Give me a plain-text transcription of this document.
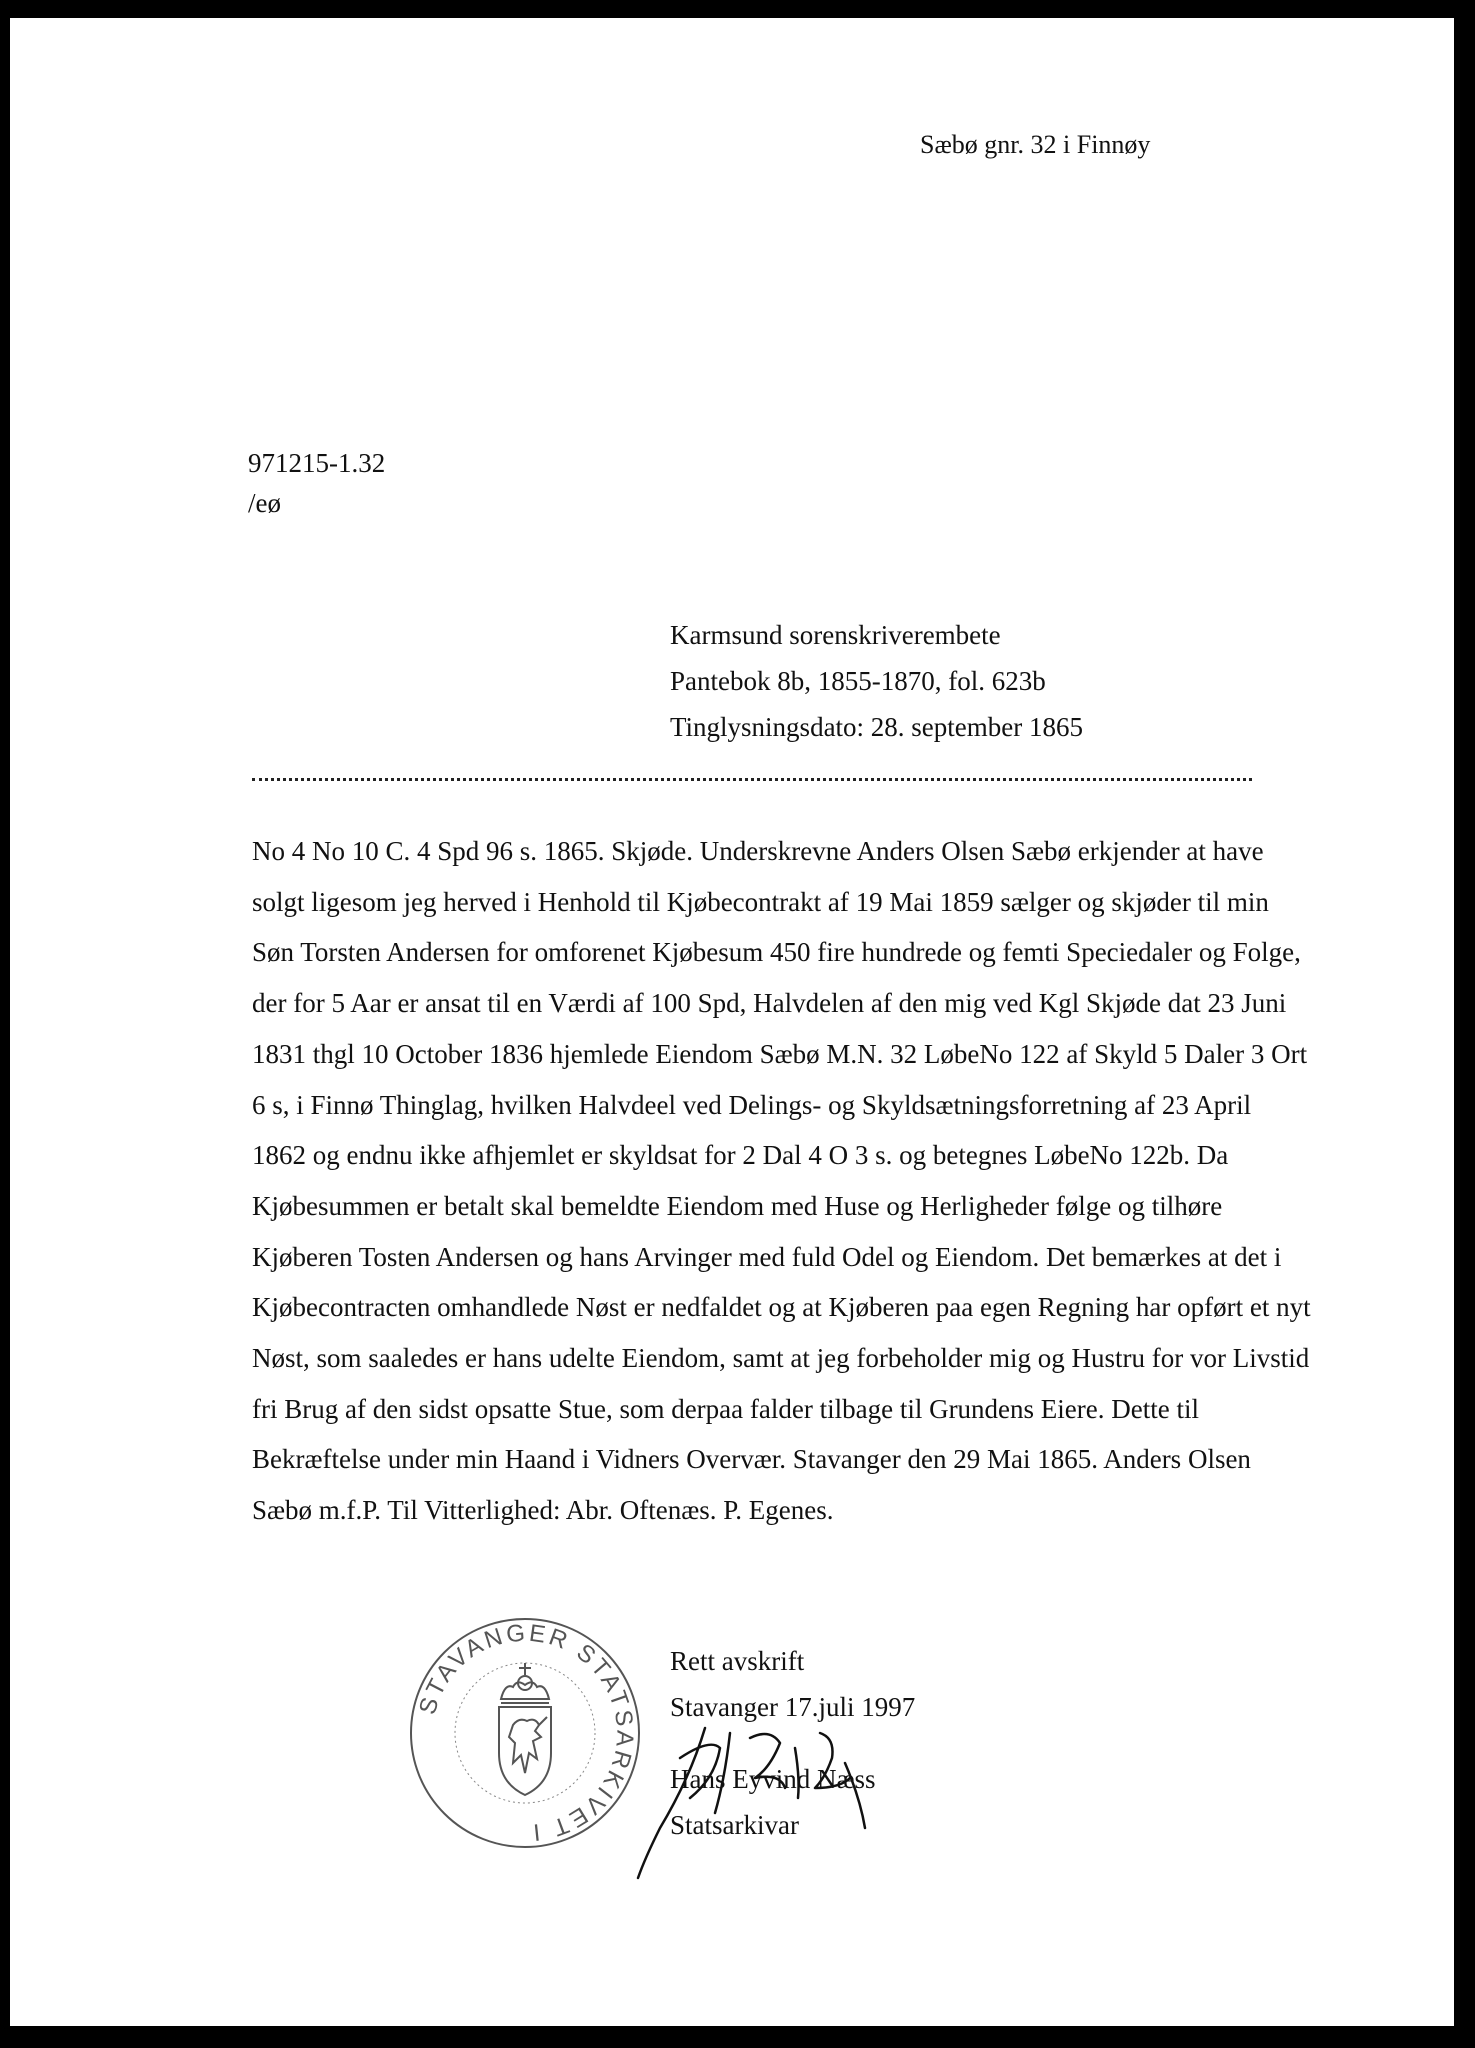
Sæbø gnr. 32 i Finnøy
971215-1.32
/eø
Karmsund sorenskriverembete
Pantebok 8b, 1855-1870, fol. 623b
Tinglysningsdato: 28. september 1865
No 4 No 10 C. 4 Spd 96 s. 1865. Skjøde. Underskrevne Anders Olsen Sæbø erkjender at have
solgt ligesom jeg herved i Henhold til Kjøbecontrakt af 19 Mai 1859 sælger og skjøder til min
Søn Torsten Andersen for omforenet Kjøbesum 450 fire hundrede og femti Speciedaler og Folge,
der for 5 Aar er ansat til en Værdi af 100 Spd, Halvdelen af den mig ved Kgl Skjøde dat 23 Juni
1831 thgl 10 October 1836 hjemlede Eiendom Sæbø M.N. 32 LøbeNo 122 af Skyld 5 Daler 3 Ort
6 s, i Finnø Thinglag, hvilken Halvdeel ved Delings- og Skyldsætningsforretning af 23 April
1862 og endnu ikke afhjemlet er skyldsat for 2 Dal 4 O 3 s. og betegnes LøbeNo 122b. Da
Kjøbesummen er betalt skal bemeldte Eiendom med Huse og Herligheder følge og tilhøre
Kjøberen Tosten Andersen og hans Arvinger med fuld Odel og Eiendom. Det bemærkes at det i
Kjøbecontracten omhandlede Nøst er nedfaldet og at Kjøberen paa egen Regning har opført et nyt
Nøst, som saaledes er hans udelte Eiendom, samt at jeg forbeholder mig og Hustru for vor Livstid
fri Brug af den sidst opsatte Stue, som derpaa falder tilbage til Grundens Eiere. Dette til
Bekræftelse under min Haand i Vidners Overvær. Stavanger den 29 Mai 1865. Anders Olsen
Sæbø m.f.P. Til Vitterlighed: Abr. Oftenæs. P. Egenes.
STAVANGER STATSARKIVET I
Rett avskrift
Stavanger 17.juli 1997
Hans Eyvind Næss
Statsarkivar
